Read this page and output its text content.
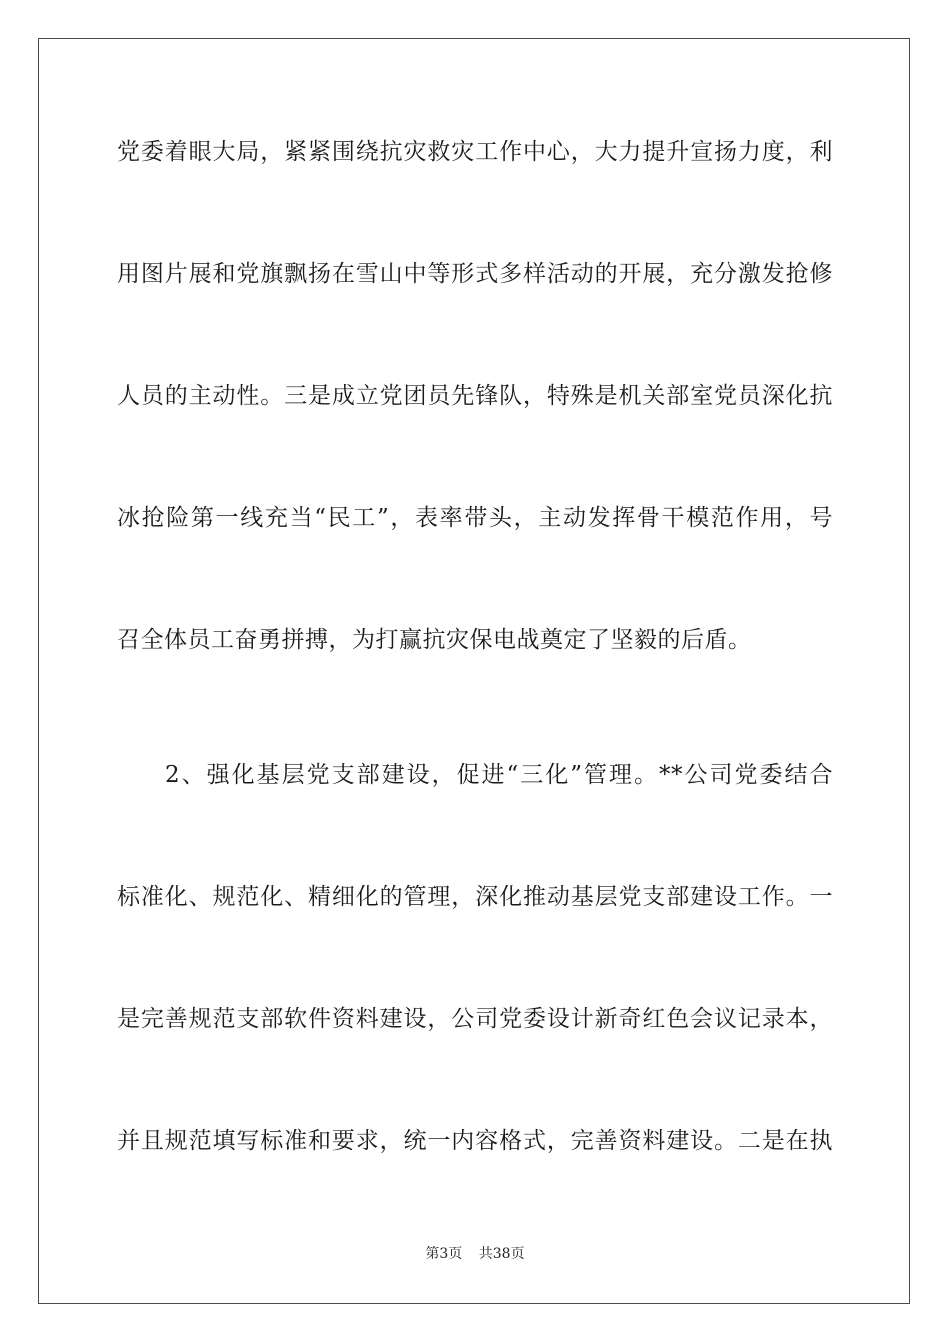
党委着眼大局，紧紧围绕抗灾救灾工作中心，大力提升宣扬力度，利
用图片展和党旗飘扬在雪山中等形式多样活动的开展，充分激发抢修
人员的主动性。三是成立党团员先锋队，特殊是机关部室党员深化抗
冰抢险第一线充当“民工”，表率带头，主动发挥骨干模范作用，号
召全体员工奋勇拼搏，为打赢抗灾保电战奠定了坚毅的后盾。
2、强化基层党支部建设，促进“三化”管理。**公司党委结合
标准化、规范化、精细化的管理，深化推动基层党支部建设工作。一
是完善规范支部软件资料建设，公司党委设计新奇红色会议记录本，
并且规范填写标准和要求，统一内容格式，完善资料建设。二是在执
第3页 共38页
